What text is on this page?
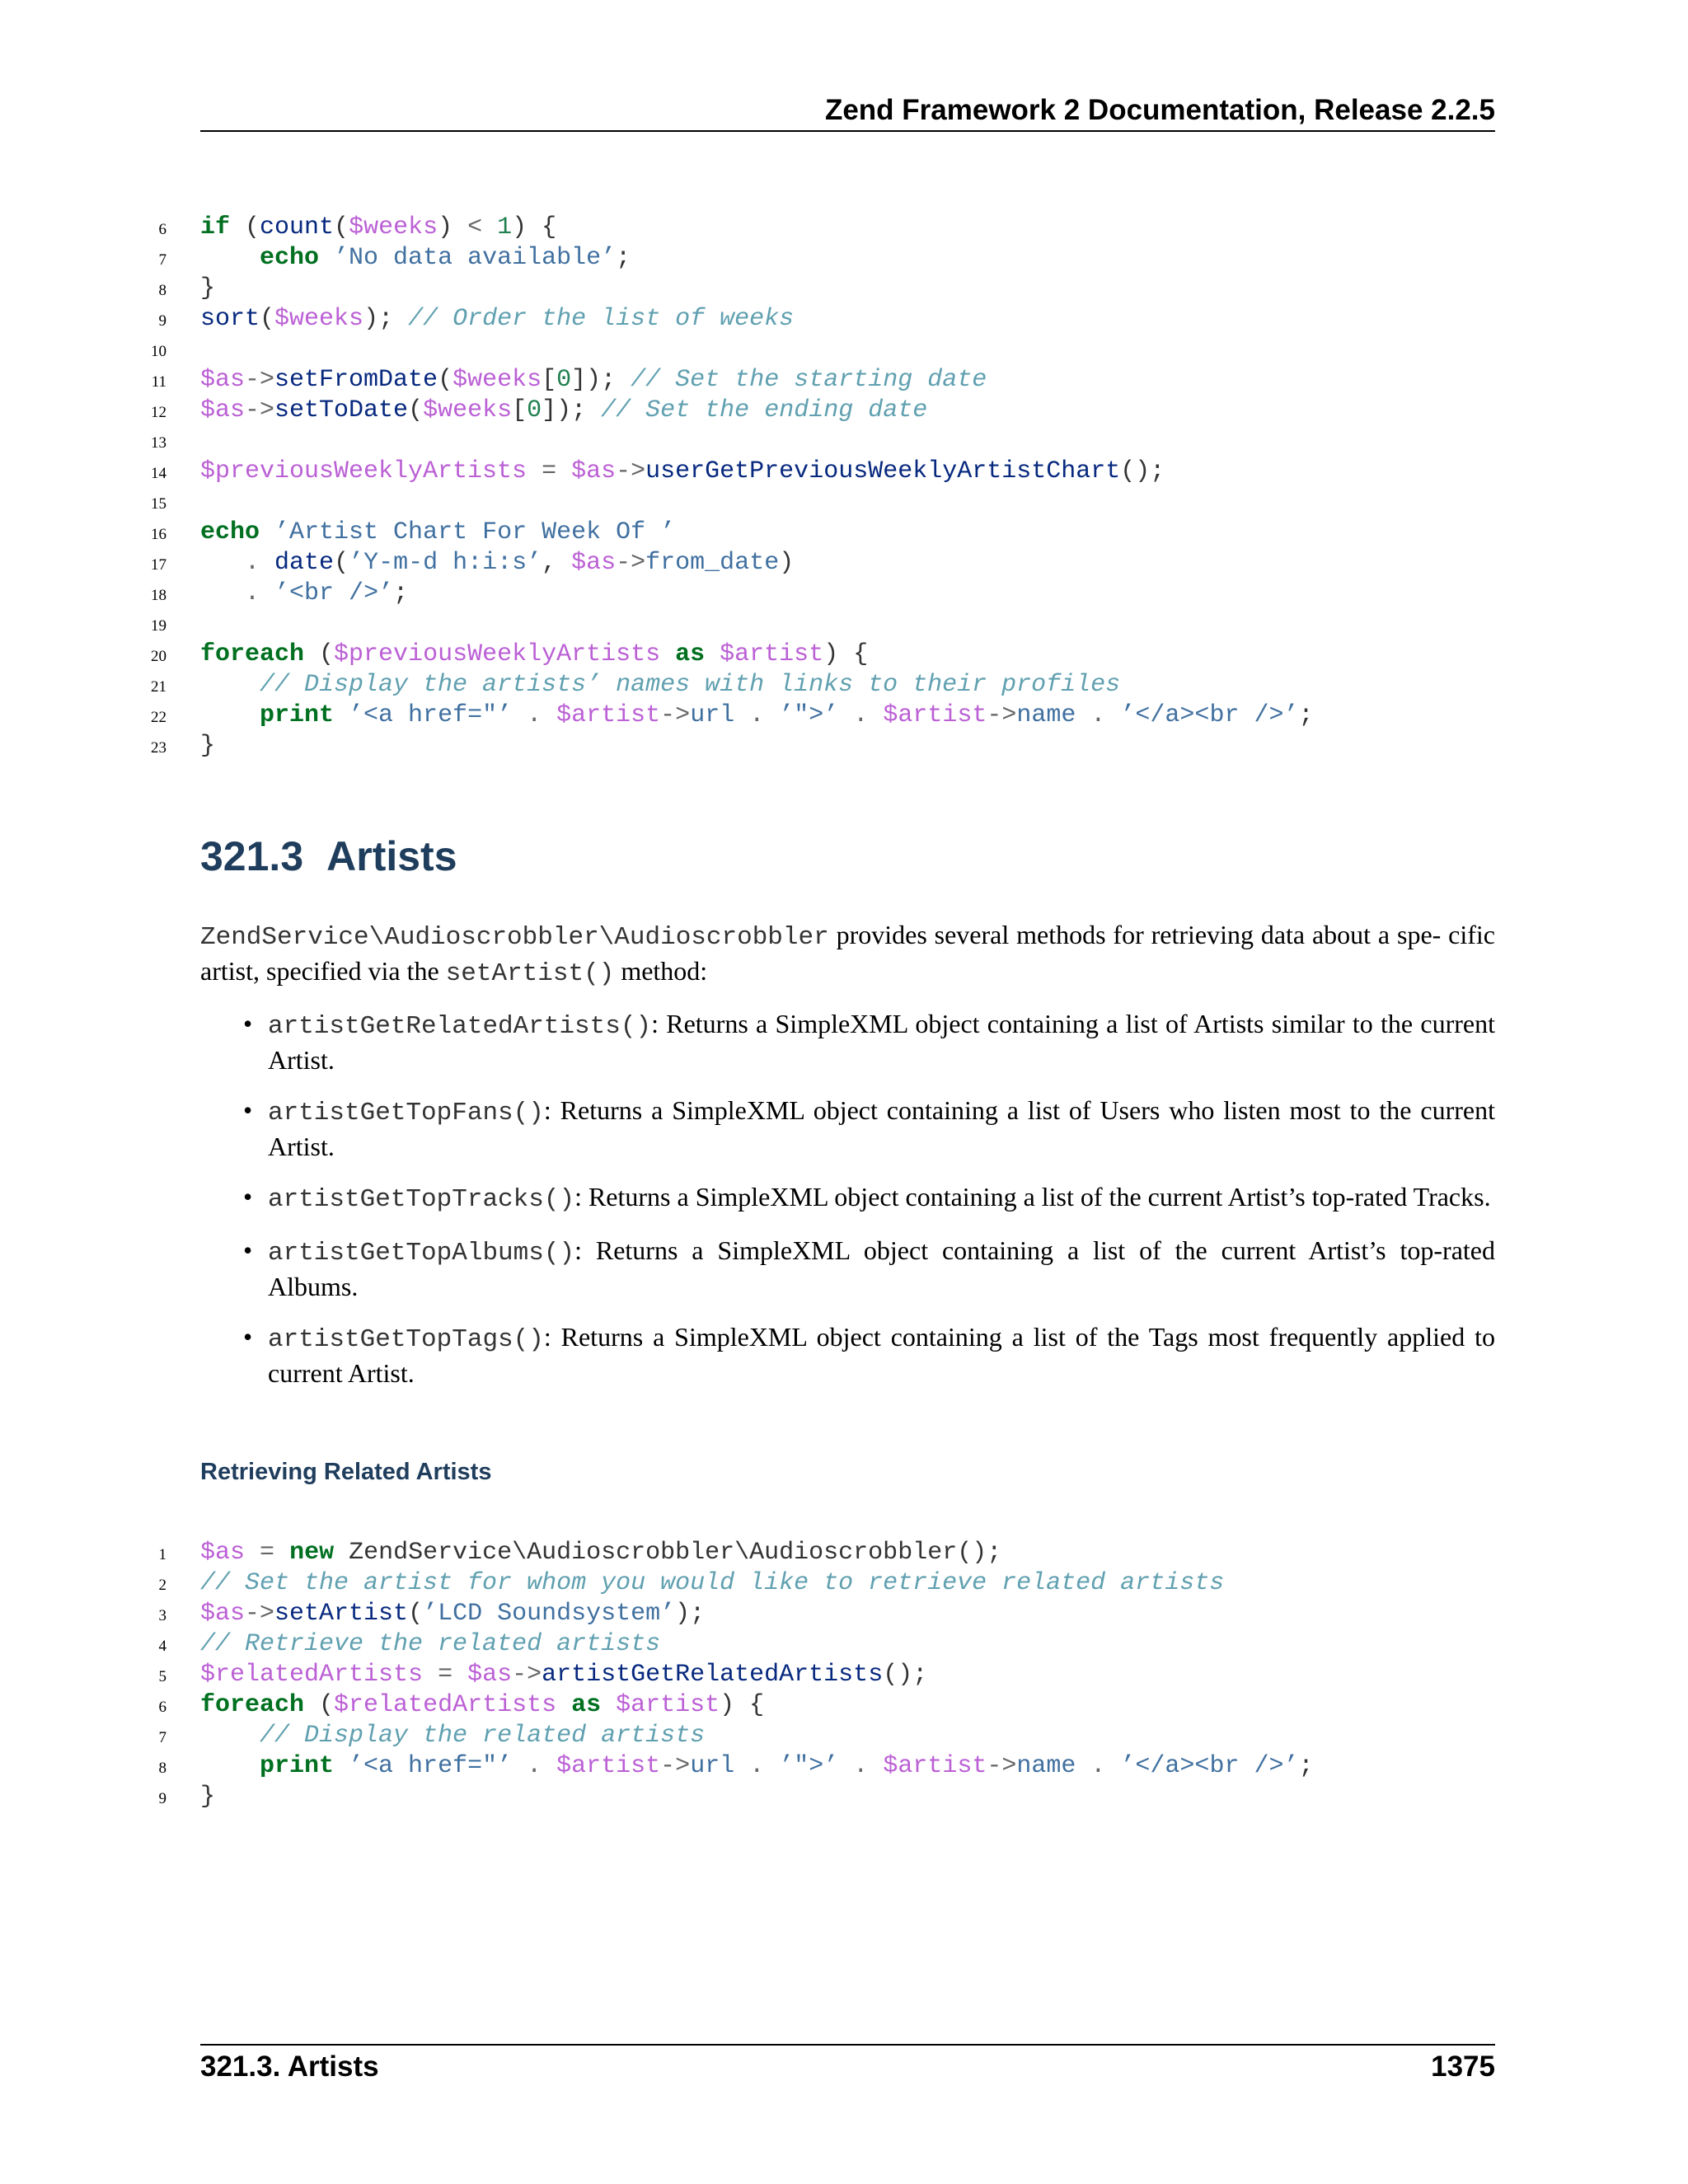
Zend Framework 2 Documentation, Release 2.2.5
6 if (count($weeks) < 1) {
7	echo ’No data available’;
8 }
9 sort($weeks); // Order the list of weeks
10
11 $as->setFromDate($weeks[0]); // Set the starting date
12 $as->setToDate($weeks[0]); // Set the ending date
13
14 $previousWeeklyArtists = $as->userGetPreviousWeeklyArtistChart();
15
16 echo ’Artist Chart For Week Of ’
17	. date(’Y-m-d h:i:s’, $as->from_date)
18	. ’<br />’;
19
20 foreach ($previousWeeklyArtists as $artist) {
21	// Display the artists’ names with links to their profiles
22	print ’<a href="’ . $artist->url . ’">’ . $artist->name . ’</a><br />’;
23 }
321.3 Artists
ZendService\Audioscrobbler\Audioscrobbler provides several methods for retrieving data about a spe- cific artist, specified via the setArtist() method:
• artistGetRelatedArtists(): Returns a SimpleXML object containing a list of Artists similar to the current Artist.
• artistGetTopFans(): Returns a SimpleXML object containing a list of Users who listen most to the current Artist.
• artistGetTopTracks(): Returns a SimpleXML object containing a list of the current Artist’s top-rated Tracks.
• artistGetTopAlbums(): Returns a SimpleXML object containing a list of the current Artist’s top-rated Albums.
• artistGetTopTags(): Returns a SimpleXML object containing a list of the Tags most frequently applied to current Artist.
Retrieving Related Artists
1 $as = new ZendService\Audioscrobbler\Audioscrobbler();
2 // Set the artist for whom you would like to retrieve related artists
3 $as->setArtist(’LCD Soundsystem’);
4 // Retrieve the related artists
5 $relatedArtists = $as->artistGetRelatedArtists();
6 foreach ($relatedArtists as $artist) {
7	// Display the related artists
8	print ’<a href="’ . $artist->url . ’">’ . $artist->name . ’</a><br />’;
9 }
321.3. Artists	1375
